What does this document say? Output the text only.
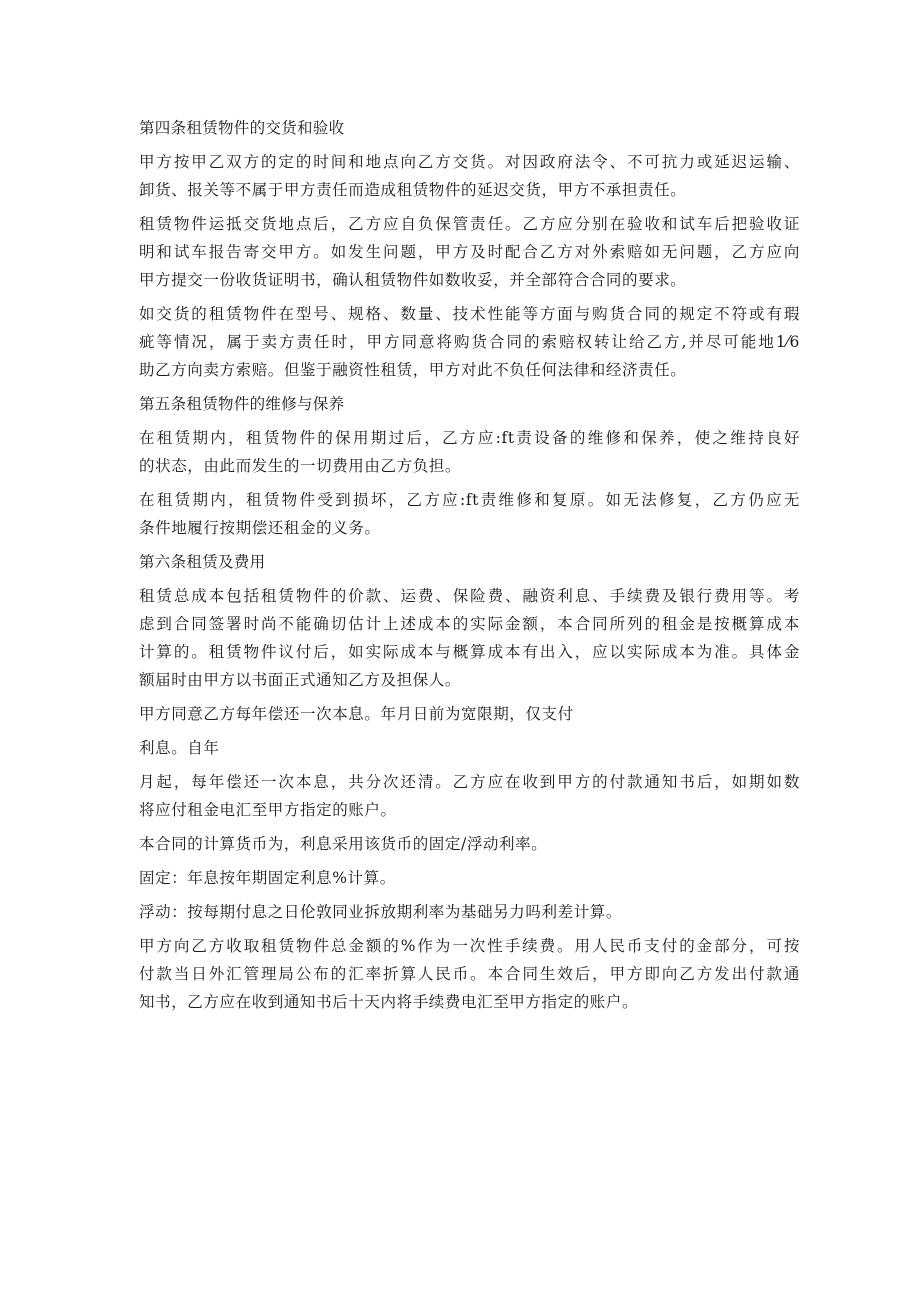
第四条租赁物件的交货和验收
甲方按甲乙双方的定的时间和地点向乙方交货。对因政府法令、不可抗力或延迟运输、
卸货、报关等不属于甲方责任而造成租赁物件的延迟交货，甲方不承担责任。
租赁物件运抵交货地点后，乙方应自负保管责任。乙方应分别在验收和试车后把验收证
明和试车报告寄交甲方。如发生问题，甲方及时配合乙方对外索赔如无问题，乙方应向
甲方提交一份收货证明书，确认租赁物件如数收妥，并全部符合合同的要求。
如交货的租赁物件在型号、规格、数量、技术性能等方面与购货合同的规定不符或有瑕
疵等情况，属于卖方责任时，甲方同意将购货合同的索赔权转让给乙方,并尽可能地1⁄6
助乙方向卖方索赔。但鉴于融资性租赁，甲方对此不负任何法律和经济责任。
第五条租赁物件的维修与保养
在租赁期内，租赁物件的保用期过后，乙方应:ft责设备的维修和保养，使之维持良好
的状态，由此而发生的一切费用由乙方负担。
在租赁期内，租赁物件受到损坏，乙方应:ft责维修和复原。如无法修复，乙方仍应无
条件地履行按期偿还租金的义务。
第六条租赁及费用
租赁总成本包括租赁物件的价款、运费、保险费、融资利息、手续费及银行费用等。考
虑到合同签署时尚不能确切估计上述成本的实际金额，本合同所列的租金是按概算成本
计算的。租赁物件议付后，如实际成本与概算成本有出入，应以实际成本为准。具体金
额届时由甲方以书面正式通知乙方及担保人。
甲方同意乙方每年偿还一次本息。年月日前为宽限期，仅支付
利息。自年
月起，每年偿还一次本息，共分次还清。乙方应在收到甲方的付款通知书后，如期如数
将应付租金电汇至甲方指定的账户。
本合同的计算货币为，利息采用该货币的固定/浮动利率。
固定：年息按年期固定利息%计算。
浮动：按每期付息之日伦敦同业拆放期利率为基础另力吗利差计算。
甲方向乙方收取租赁物件总金额的%作为一次性手续费。用人民币支付的金部分，可按
付款当日外汇管理局公布的汇率折算人民币。本合同生效后，甲方即向乙方发出付款通
知书，乙方应在收到通知书后十天内将手续费电汇至甲方指定的账户。
